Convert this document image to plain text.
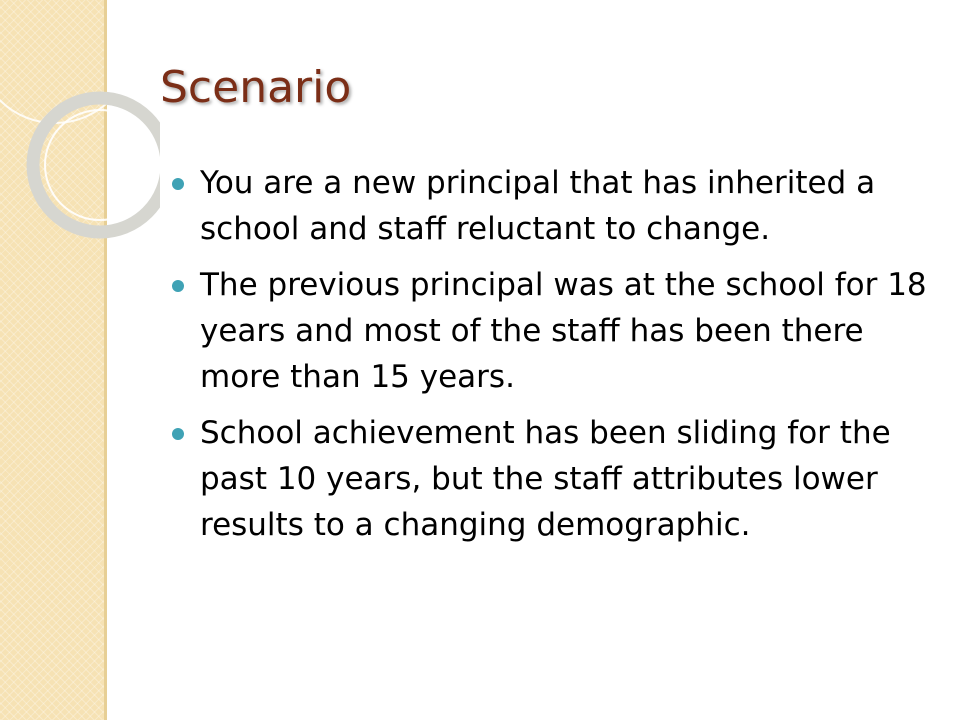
Scenario
You are a new principal that has inherited a school and staff reluctant to change.
The previous principal was at the school for 18 years and most of the staff has been there more than 15 years.
School achievement has been sliding for the past 10 years, but the staff attributes lower results to a changing demographic.
